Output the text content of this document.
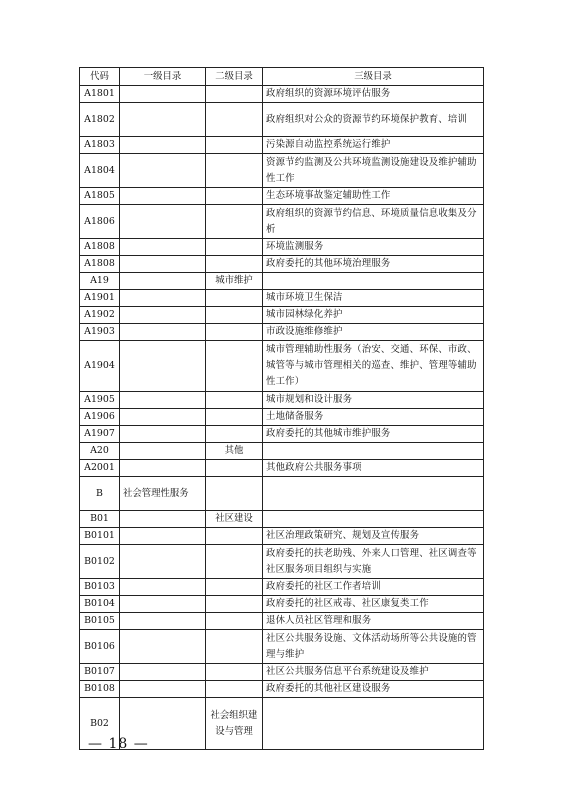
代码	一级目录	二级目录	三级目录
A1801			政府组织的资源环境评估服务
A1802			政府组织对公众的资源节约环境保护教育、培训
A1803			污染源自动监控系统运行维护
A1804			资源节约监测及公共环境监测设施建设及维护辅助性工作
A1805			生态环境事故鉴定辅助性工作
A1806			政府组织的资源节约信息、环境质量信息收集及分析
A1808			环境监测服务
A1808			政府委托的其他环境治理服务
A19		城市维护	
A1901			城市环境卫生保洁
A1902			城市园林绿化养护
A1903			市政设施维修维护
A1904			城市管理辅助性服务（治安、交通、环保、市政、城管等与城市管理相关的巡查、维护、管理等辅助性工作）
A1905			城市规划和设计服务
A1906			土地储备服务
A1907			政府委托的其他城市维护服务
A20		其他	
A2001			其他政府公共服务事项
B	社会管理性服务		
B01		社区建设	
B0101			社区治理政策研究、规划及宣传服务
B0102			政府委托的扶老助残、外来人口管理、社区调查等社区服务项目组织与实施
B0103			政府委托的社区工作者培训
B0104			政府委托的社区戒毒、社区康复类工作
B0105			退休人员社区管理和服务
B0106			社区公共服务设施、文体活动场所等公共设施的管理与维护
B0107			社区公共服务信息平台系统建设及维护
B0108			政府委托的其他社区建设服务
B02		社会组织建设与管理	
— 18 —
